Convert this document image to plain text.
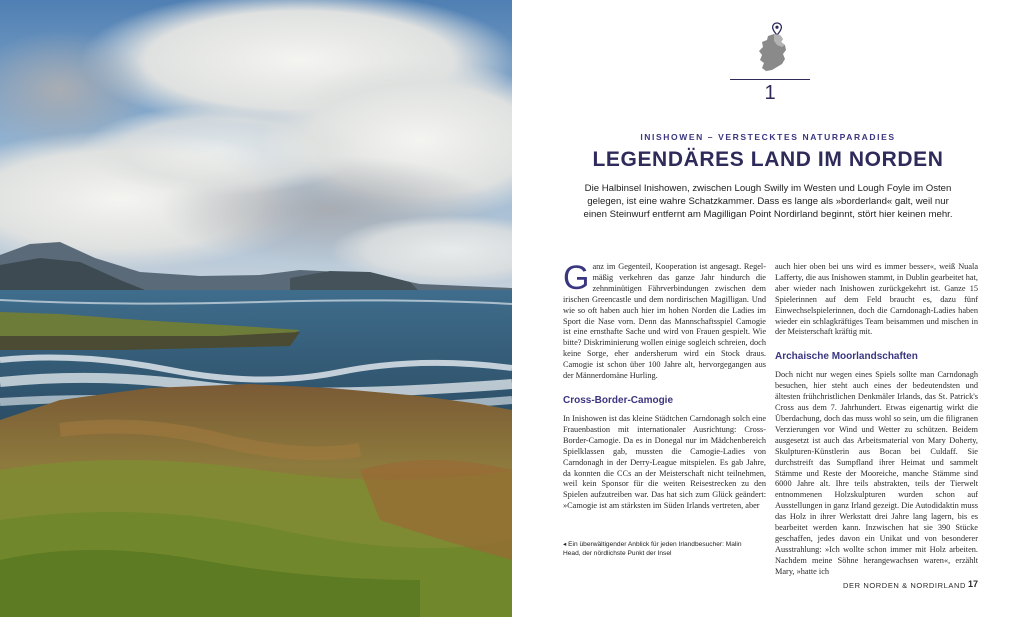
1
INISHOWEN – VERSTECKTES NATURPARADIES
LEGENDÄRES LAND IM NORDEN

Die Halbinsel Inishowen, zwischen Lough Swilly im Westen und Lough Foyle im Osten gelegen, ist eine wahre Schatzkammer. Dass es lange als »borderland« galt, weil nur einen Steinwurf entfernt am Magilligan Point Nordirland beginnt, stört hier keinen mehr.

Ganz im Gegenteil, Kooperation ist angesagt. Regelmäßig verkehren das ganze Jahr hindurch die zehnminütigen Fährverbindungen zwischen dem irischen Greencastle und dem nordirischen Magilligan. Und wie so oft haben auch hier im hohen Norden die Ladies im Sport die Nase vorn. Denn das Mannschaftsspiel Camogie ist eine ernsthafte Sache und wird von Frauen gespielt. Wie bitte? Diskriminierung wollen einige sogleich schreien, doch keine Sorge, eher andersherum wird ein Stock draus. Camogie ist schon über 100 Jahre alt, hervorgegangen aus der Männerdomäne Hurling.

Cross-Border-Camogie

In Inishowen ist das kleine Städtchen Carndonagh solch eine Frauenbastion mit internationaler Ausrichtung: Cross-Border-Camogie. Da es in Donegal nur im Mädchenbereich Spielklassen gab, mussten die Camogie-Ladies von Carndonagh in der Derry-League mitspielen. Es gab Jahre, da konnten die CCs an der Meisterschaft nicht teilnehmen, weil kein Sponsor für die weiten Reisestrecken zu den Spielen aufzutreiben war. Das hat sich zum Glück geändert: »Camogie ist am stärksten im Süden Irlands vertreten, aber

auch hier oben bei uns wird es immer besser«, weiß Nuala Lafferty, die aus Inishowen stammt, in Dublin gearbeitet hat, aber wieder nach Inishowen zurückgekehrt ist. Ganze 15 Spielerinnen auf dem Feld braucht es, dazu fünf Einwechselspielerinnen, doch die Carndonagh-Ladies haben wieder ein schlagkräftiges Team beisammen und mischen in der Meisterschaft kräftig mit.

Archaische Moorlandschaften

Doch nicht nur wegen eines Spiels sollte man Carndonagh besuchen, hier steht auch eines der bedeutendsten und ältesten frühchristlichen Denkmäler Irlands, das St. Patrick's Cross aus dem 7. Jahrhundert. Etwas eigenartig wirkt die Überdachung, doch das muss wohl so sein, um die filigranen Verzierungen vor Wind und Wetter zu schützen. Beidem ausgesetzt ist auch das Arbeitsmaterial von Mary Doherty, Skulpturen-Künstlerin aus Bocan bei Culdaff. Sie durchstreift das Sumpfland ihrer Heimat und sammelt Stämme und Reste der Mooreiche, manche Stämme sind 6000 Jahre alt. Ihre teils abstrakten, teils der Tierwelt entnommenen Holzskulpturen wurden schon auf Ausstellungen in ganz Irland gezeigt. Die Autodidaktin muss das Holz in ihrer Werkstatt drei Jahre lang lagern, bis es bearbeitet werden kann. Inzwischen hat sie 390 Stücke geschaffen, jedes davon ein Unikat und von besonderer Ausstrahlung: »Ich wollte schon immer mit Holz arbeiten. Nachdem meine Söhne herangewachsen waren«, erzählt Mary, »hatte ich

◂ Ein überwältigender Anblick für jeden Irlandbesucher: Malin Head, der nördlichste Punkt der Insel
DER NORDEN & NORDIRLAND 17
